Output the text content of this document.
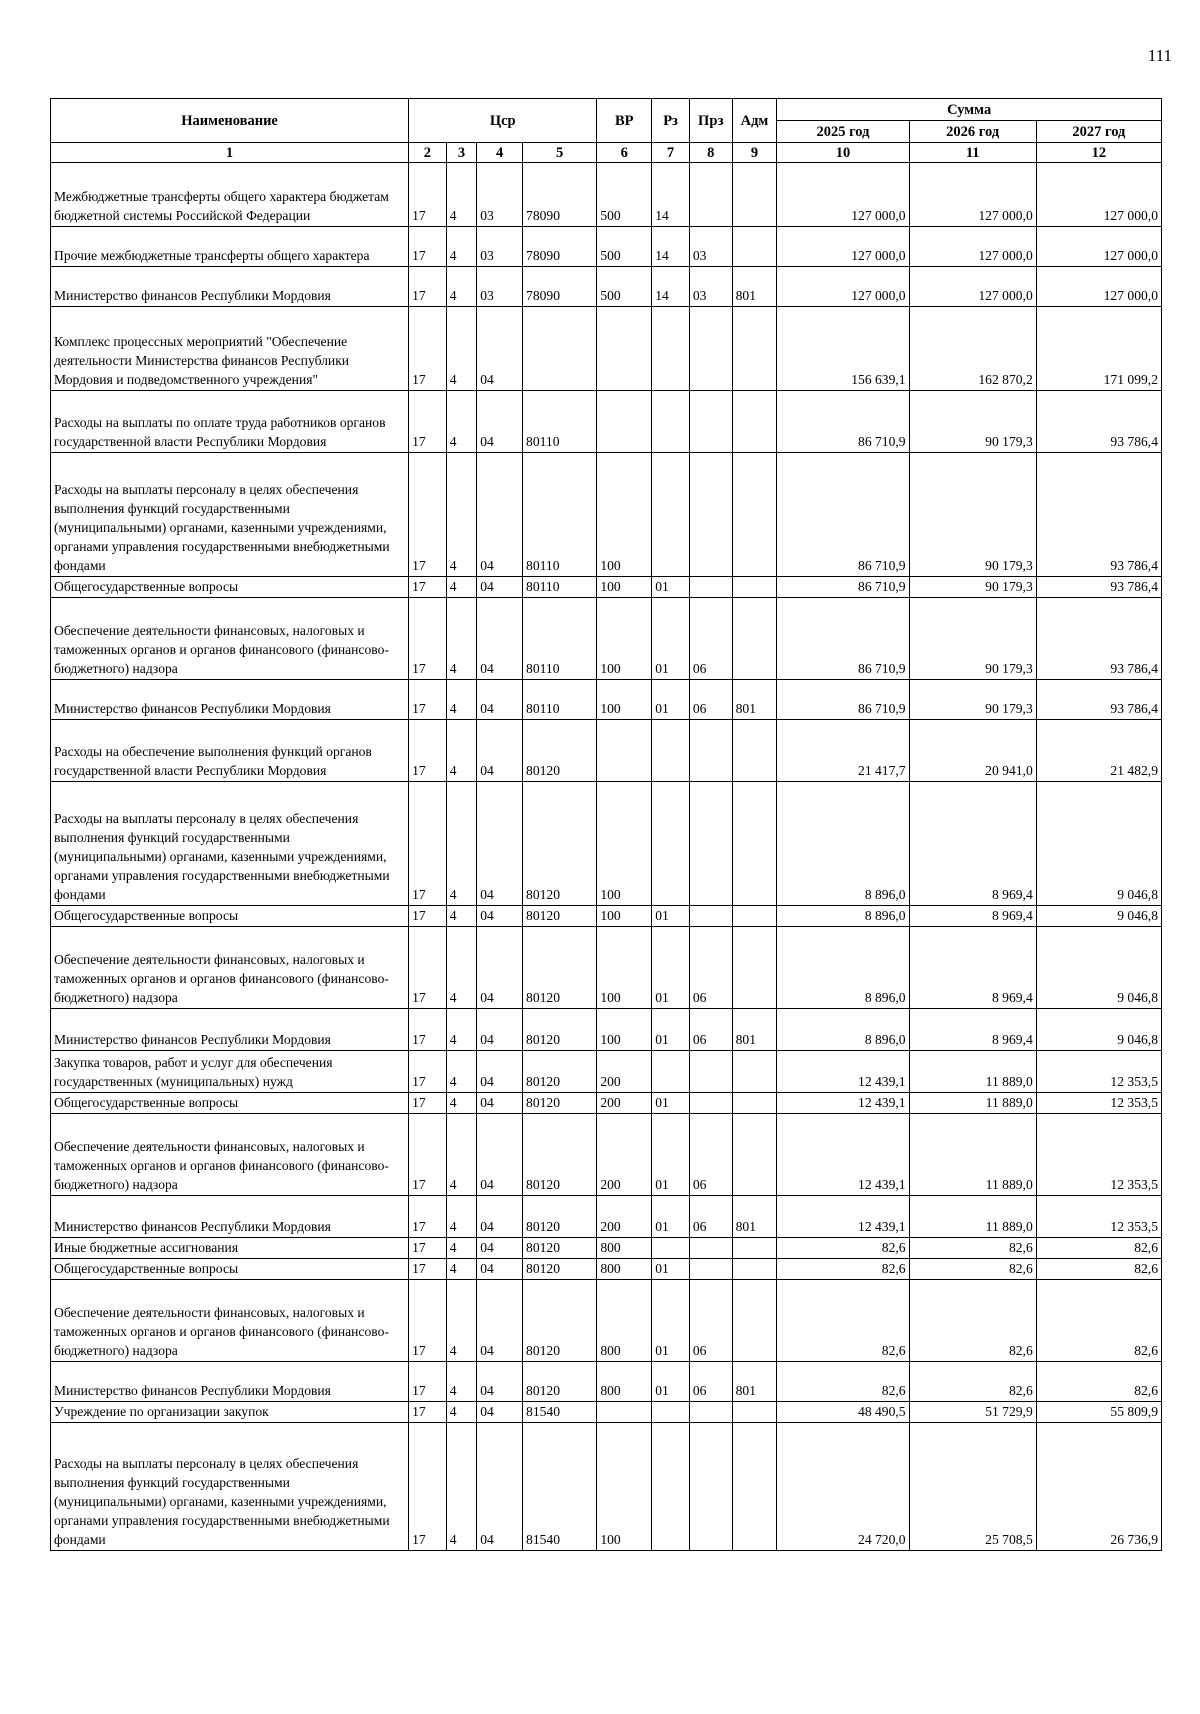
111
Наименование	Цср				ВР	Рз	Прз	Адм	Сумма		
									2025 год	2026 год	2027 год
1	2	3	4	5	6	7	8	9	10	11	12
Межбюджетные трансферты общего характера бюджетам бюджетной системы Российской Федерации	17	4	03	78090	500	14			127 000,0	127 000,0	127 000,0
Прочие межбюджетные трансферты общего характера	17	4	03	78090	500	14	03		127 000,0	127 000,0	127 000,0
Министерство финансов Республики Мордовия	17	4	03	78090	500	14	03	801	127 000,0	127 000,0	127 000,0
Комплекс процессных мероприятий "Обеспечение деятельности Министерства финансов Республики Мордовия и подведомственного учреждения"	17	4	04						156 639,1	162 870,2	171 099,2
Расходы на выплаты по оплате труда работников органов государственной власти Республики Мордовия	17	4	04	80110					86 710,9	90 179,3	93 786,4
Расходы на выплаты персоналу в целях обеспечения выполнения функций государственными (муниципальными) органами, казенными учреждениями, органами управления государственными внебюджетными фондами	17	4	04	80110	100				86 710,9	90 179,3	93 786,4
Общегосударственные вопросы	17	4	04	80110	100	01			86 710,9	90 179,3	93 786,4
Обеспечение деятельности финансовых, налоговых и таможенных органов и органов финансового (финансово-бюджетного) надзора	17	4	04	80110	100	01	06		86 710,9	90 179,3	93 786,4
Министерство финансов Республики Мордовия	17	4	04	80110	100	01	06	801	86 710,9	90 179,3	93 786,4
Расходы на обеспечение выполнения функций органов государственной власти Республики Мордовия	17	4	04	80120					21 417,7	20 941,0	21 482,9
Расходы на выплаты персоналу в целях обеспечения выполнения функций государственными (муниципальными) органами, казенными учреждениями, органами управления государственными внебюджетными фондами	17	4	04	80120	100				8 896,0	8 969,4	9 046,8
Общегосударственные вопросы	17	4	04	80120	100	01			8 896,0	8 969,4	9 046,8
Обеспечение деятельности финансовых, налоговых и таможенных органов и органов финансового (финансово-бюджетного) надзора	17	4	04	80120	100	01	06		8 896,0	8 969,4	9 046,8
Министерство финансов Республики Мордовия	17	4	04	80120	100	01	06	801	8 896,0	8 969,4	9 046,8
Закупка товаров, работ и услуг для обеспечения государственных (муниципальных) нужд	17	4	04	80120	200				12 439,1	11 889,0	12 353,5
Общегосударственные вопросы	17	4	04	80120	200	01			12 439,1	11 889,0	12 353,5
Обеспечение деятельности финансовых, налоговых и таможенных органов и органов финансового (финансово-бюджетного) надзора	17	4	04	80120	200	01	06		12 439,1	11 889,0	12 353,5
Министерство финансов Республики Мордовия	17	4	04	80120	200	01	06	801	12 439,1	11 889,0	12 353,5
Иные бюджетные ассигнования	17	4	04	80120	800				82,6	82,6	82,6
Общегосударственные вопросы	17	4	04	80120	800	01			82,6	82,6	82,6
Обеспечение деятельности финансовых, налоговых и таможенных органов и органов финансового (финансово-бюджетного) надзора	17	4	04	80120	800	01	06		82,6	82,6	82,6
Министерство финансов Республики Мордовия	17	4	04	80120	800	01	06	801	82,6	82,6	82,6
Учреждение по организации закупок	17	4	04	81540					48 490,5	51 729,9	55 809,9
Расходы на выплаты персоналу в целях обеспечения выполнения функций государственными (муниципальными) органами, казенными учреждениями, органами управления государственными внебюджетными фондами	17	4	04	81540	100				24 720,0	25 708,5	26 736,9
